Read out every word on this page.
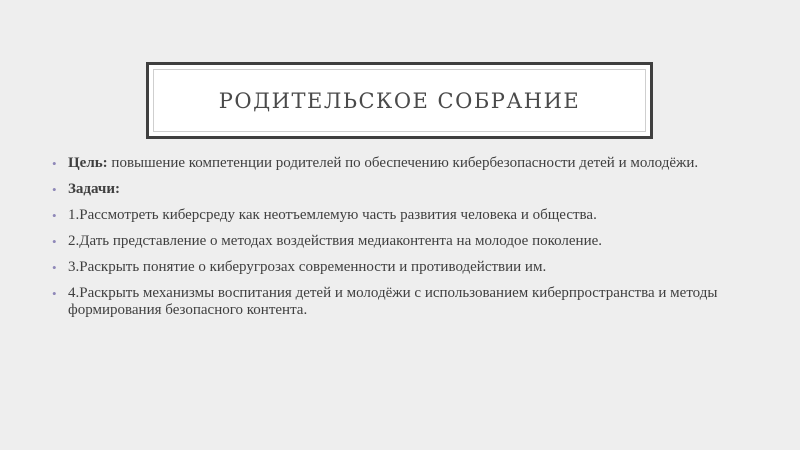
РОДИТЕЛЬСКОЕ СОБРАНИЕ
• Цель: повышение компетенции родителей по обеспечению кибербезопасности детей и молодёжи.
• Задачи:
• 1.Рассмотреть киберсреду как неотъемлемую часть развития человека и общества.
• 2.Дать представление о методах воздействия медиаконтента на молодое поколение.
• 3.Раскрыть понятие о киберугрозах современности и противодействии им.
• 4.Раскрыть механизмы воспитания детей и молодёжи с использованием киберпространства и методы формирования безопасного контента.
